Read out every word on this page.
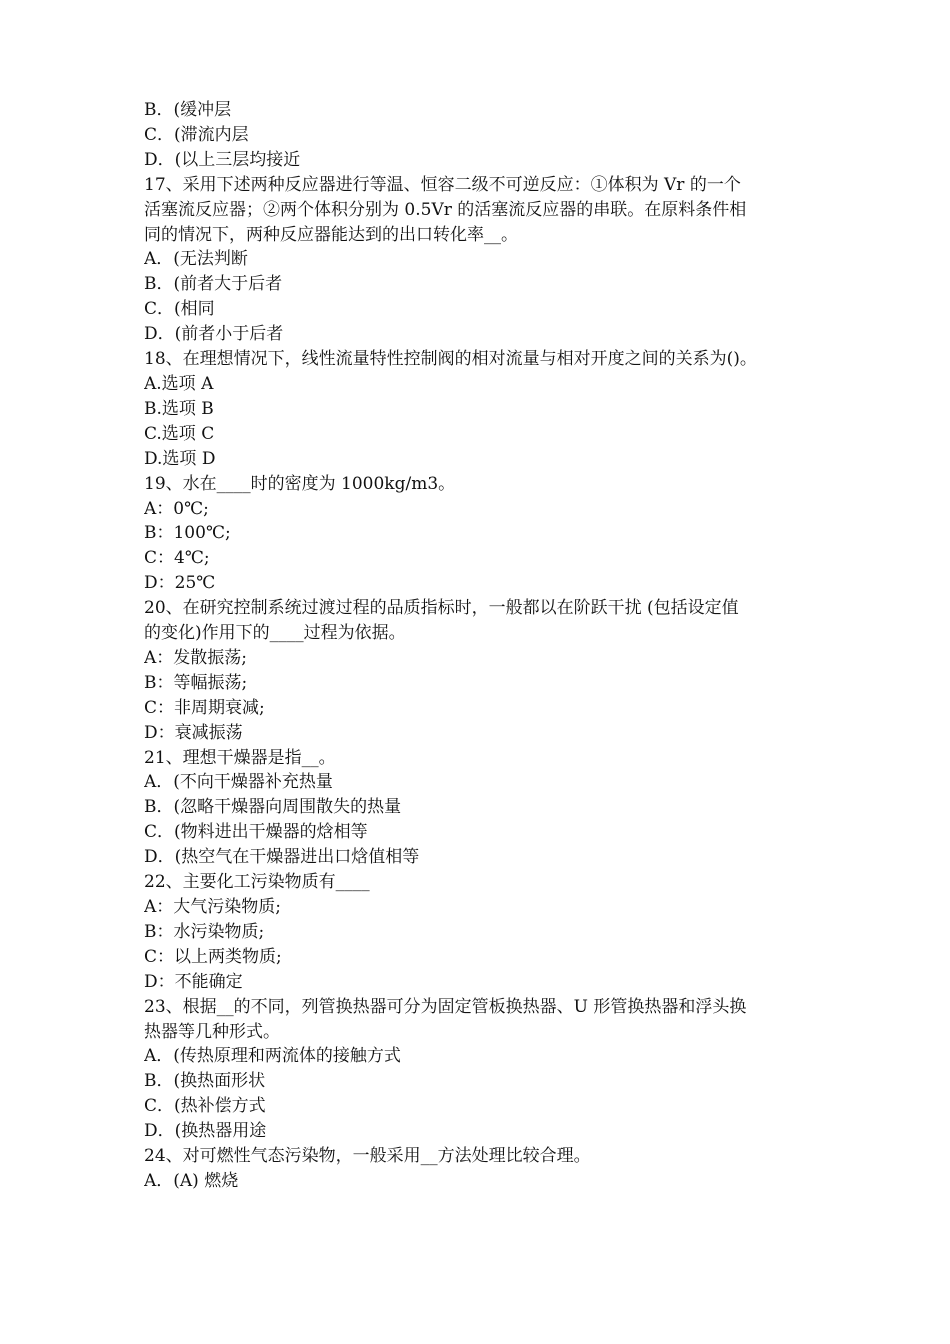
B．(缓冲层
C．(滞流内层
D．(以上三层均接近
17、采用下述两种反应器进行等温、恒容二级不可逆反应：①体积为 Vr 的一个
活塞流反应器；②两个体积分别为 0.5Vr 的活塞流反应器的串联。在原料条件相
同的情况下，两种反应器能达到的出口转化率__。
A．(无法判断
B．(前者大于后者
C．(相同
D．(前者小于后者
18、在理想情况下，线性流量特性控制阀的相对流量与相对开度之间的关系为()。
A.选项 A
B.选项 B
C.选项 C
D.选项 D
19、水在____时的密度为 1000kg/m3。
A：0℃;
B：100℃;
C：4℃;
D：25℃
20、在研究控制系统过渡过程的品质指标时，一般都以在阶跃干扰 (包括设定值
的变化)作用下的____过程为依据。
A：发散振荡;
B：等幅振荡;
C：非周期衰减;
D：衰减振荡
21、理想干燥器是指__。
A．(不向干燥器补充热量
B．(忽略干燥器向周围散失的热量
C．(物料进出干燥器的焓相等
D．(热空气在干燥器进出口焓值相等
22、主要化工污染物质有____
A：大气污染物质;
B：水污染物质;
C：以上两类物质;
D：不能确定
23、根据__的不同，列管换热器可分为固定管板换热器、U 形管换热器和浮头换
热器等几种形式。
A．(传热原理和两流体的接触方式
B．(换热面形状
C．(热补偿方式
D．(换热器用途
24、对可燃性气态污染物，一般采用__方法处理比较合理。
A．(A) 燃烧
